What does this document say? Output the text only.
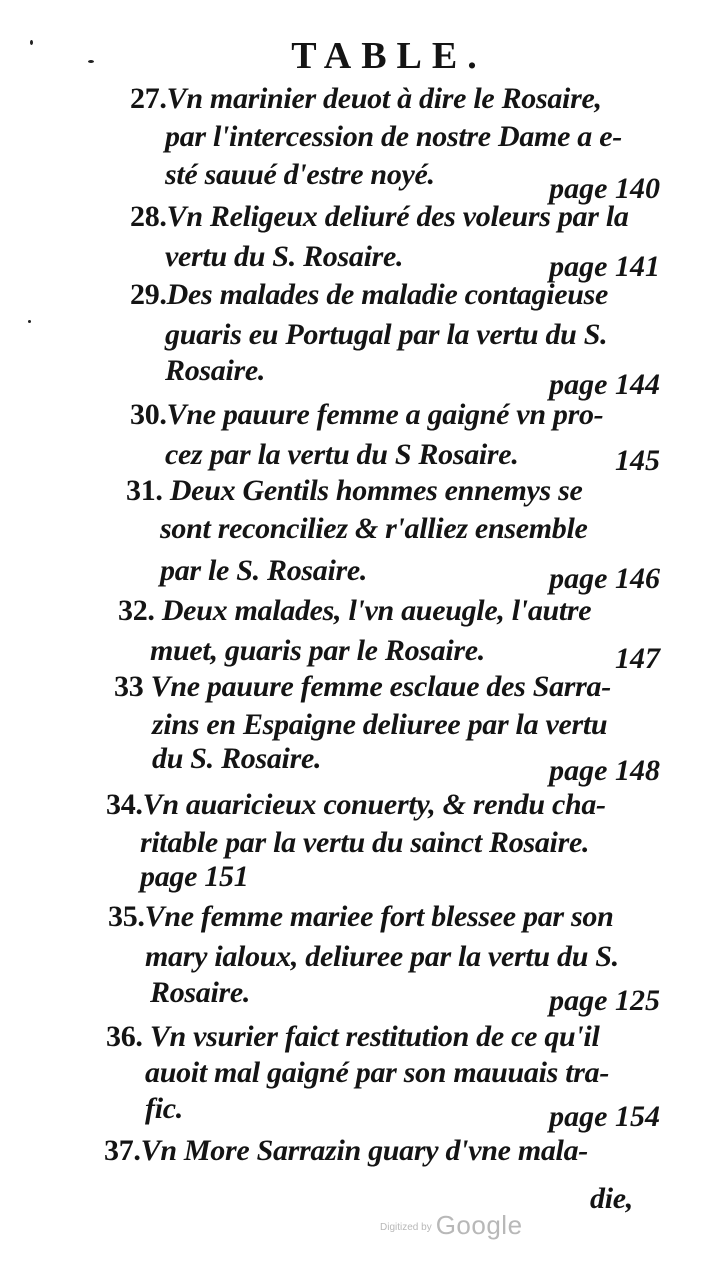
TABLE.
27.Vn marinier deuot à dire le Rosaire,
par l'intercession de nostre Dame a e-
sté sauué d'estre noyé.	page 140
28.Vn Religeux deliuré des voleurs par la
vertu du S. Rosaire.	page 141
29.Des malades de maladie contagieuse
guaris eu Portugal par la vertu du S.
Rosaire.	page 144
30.Vne pauure femme a gaigné vn pro-
cez par la vertu du S Rosaire.	145
31. Deux Gentils hommes ennemys se
sont reconciliez & r'alliez ensemble
par le S. Rosaire.	page 146
32. Deux malades, l'vn aueugle, l'autre
muet, guaris par le Rosaire.	147
33 Vne pauure femme esclaue des Sarra-
zins en Espaigne deliuree par la vertu
du S. Rosaire.	page 148
34.Vn auaricieux conuerty, & rendu cha-
ritable par la vertu du sainct Rosaire.
page 151
35.Vne femme mariee fort blessee par son
mary ialoux, deliuree par la vertu du S.
Rosaire.	page 125
36. Vn vsurier faict restitution de ce qu'il
auoit mal gaigné par son mauuais tra-
fic.	page 154
37.Vn More Sarrazin guary d'vne mala-
die,
$^{Digitized by}$ Google
